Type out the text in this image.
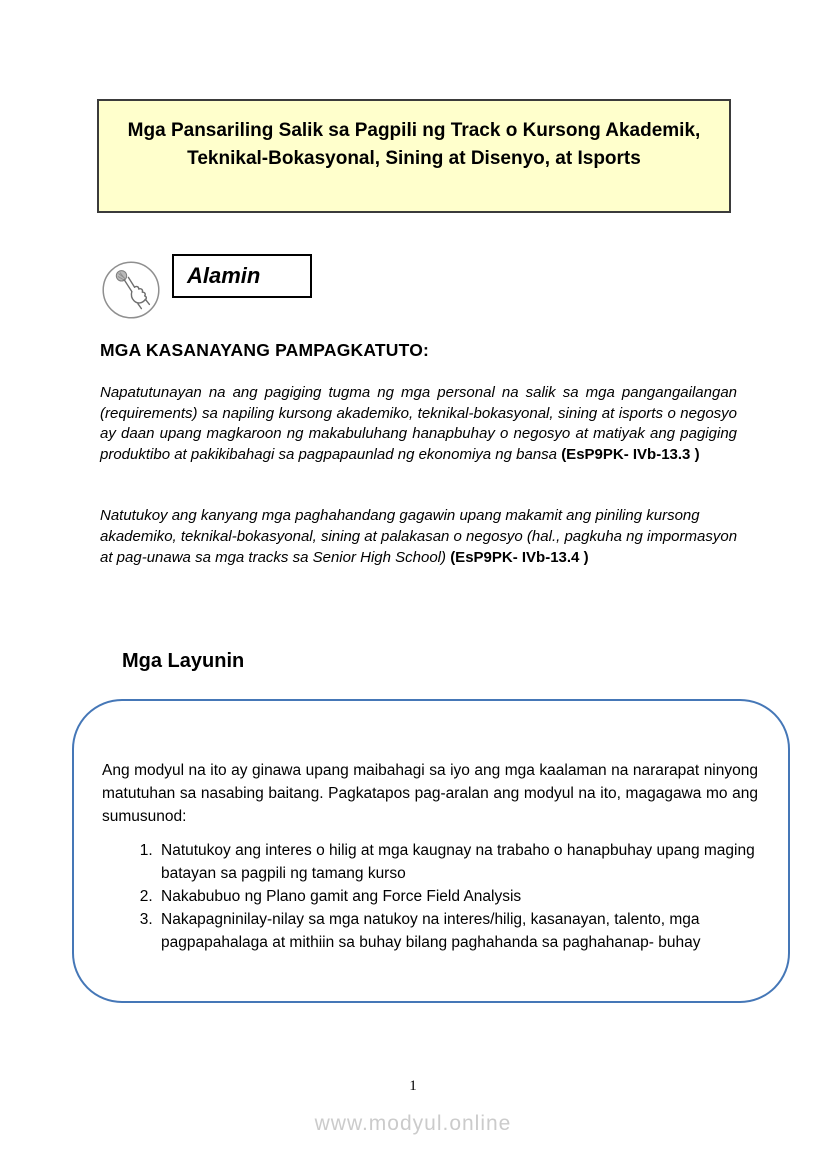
Mga Pansariling Salik sa Pagpili ng Track o Kursong Akademik, Teknikal-Bokasyonal, Sining at Disenyo, at Isports
Alamin
MGA KASANAYANG PAMPAGKATUTO:

Napatutunayan na ang pagiging tugma ng mga personal na salik sa mga pangangailangan (requirements) sa napiling kursong akademiko, teknikal-bokasyonal, sining at isports o negosyo ay daan upang magkaroon ng makabuluhang hanapbuhay o negosyo at matiyak ang pagiging produktibo at pakikibahagi sa pagpapaunlad ng ekonomiya ng bansa (EsP9PK- IVb-13.3 )

Natutukoy ang kanyang mga paghahandang gagawin upang makamit ang piniling kursong akademiko, teknikal-bokasyonal, sining at palakasan o negosyo (hal., pagkuha ng impormasyon at pag-unawa sa mga tracks sa Senior High School) (EsP9PK- IVb-13.4 )

Mga Layunin

Ang modyul na ito ay ginawa upang maibahagi sa iyo ang mga kaalaman na nararapat ninyong matutuhan sa nasabing baitang. Pagkatapos pag-aralan ang modyul na ito, magagawa mo ang sumusunod:

1. Natutukoy ang interes o hilig at mga kaugnay na trabaho o hanapbuhay upang maging batayan sa pagpili ng tamang kurso
2. Nakabubuo ng Plano gamit ang Force Field Analysis
3. Nakapagninilay-nilay sa mga natukoy na interes/hilig, kasanayan, talento, mga pagpapahalaga at mithiin sa buhay bilang paghahanda sa paghahanap- buhay
1
www.modyul.online
